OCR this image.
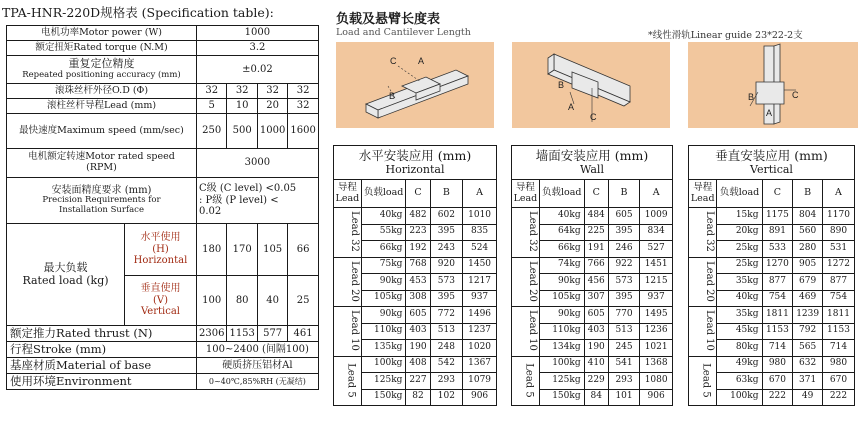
TPA-HNR-220D规格表 (Specification table):
电机功率Motor power (W)		1000			
额定扭矩Rated torque (N.M)		3.2			

重复定位精度
Repeated positioning accuracy (mm)		±0.02			
滚珠丝杆外径O.D (Φ)		32	32	32	32
滚柱丝杆导程Lead (mm)		5	10	20	32
最快速度Maximum speed (mm/sec)		250	500	1000	1600

电机额定转速Motor rated speed
(RPM)		3000			

安装面精度要求 (mm)
Precision Requirements for
Installation Surface		C级 (C level) <0.05
: P级 (P level) <
0.02			

最大负载
Rated load (kg)	水平使用
(H)
Horizontal	180	170	105	66

	垂直使用
(V)
Vertical	100	80	40	25
额定推力Rated thrust (N)		2306	1153	577	461
行程Stroke (mm)		100~2400 (间隔100)			
基座材质Material of base		硬质挤压铝材Al			
使用环境Environment		0~40℃,85%RH (无凝结)			
负载及悬臂长度表
Load and Cantilever Length	*线性滑轨Linear guide 23*22-2支
A
B
C
A
B
C	A
B	C
水平安装应用 (mm)
Horizontal				

导程Lead	负载load	C	B	A
Lead 32	40kg	482	602	1010
	55kg	223	395	835
	66kg	192	243	524
Lead 20	75kg	768	920	1450
	90kg	453	573	1217
	105kg	308	395	937
Lead 10	90kg	605	772	1496
	110kg	403	513	1237
	135kg	190	248	1020
Lead 5	100kg	408	542	1367
	125kg	227	293	1079
	150kg	82	102	906
墙面安装应用 (mm)
Wall				

导程Lead	负载load	C	B	A
Lead 32	40kg	484	605	1009
	64kg	225	395	834
	66kg	191	246	527
Lead 20	74kg	766	922	1451
	90kg	456	573	1215
	105kg	307	395	937
Lead 10	90kg	605	770	1495
	110kg	403	513	1236
	134kg	190	245	1021
Lead 5	100kg	410	541	1368
	125kg	229	293	1080
	150kg	84	101	906
垂直安装应用 (mm)
Vertical				

导程Lead	负载load	C	B	A
Lead 32	15kg	1175	804	1170
	20kg	891	560	890
	25kg	533	280	531
Lead 20	25kg	1270	905	1272
	35kg	877	679	877
	40kg	754	469	754
Lead 10	35kg	1811	1239	1811
	45kg	1153	792	1153
	80kg	714	565	714
Lead 5	49kg	980	632	980
	63kg	670	371	670
	100kg	222	49	222
